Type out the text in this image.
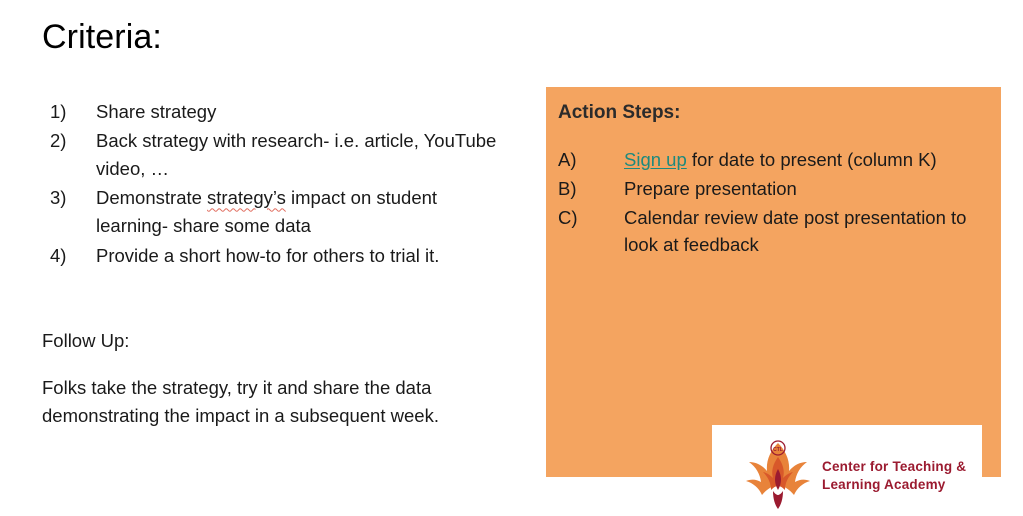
Criteria:
1)	Share strategy
2)	Back strategy with research- i.e. article, YouTube video, …
3)	Demonstrate strategy’s impact on student learning- share some data
4)	Provide a short how-to for others to trial it.
Follow Up:
Folks take the strategy, try it and share the data demonstrating the impact in a subsequent week.
Action Steps:
A)	Sign up for date to present (column K)
B)	Prepare presentation
C)	Calendar review date post presentation to look at feedback
CTL
Center for Teaching &
Learning Academy
